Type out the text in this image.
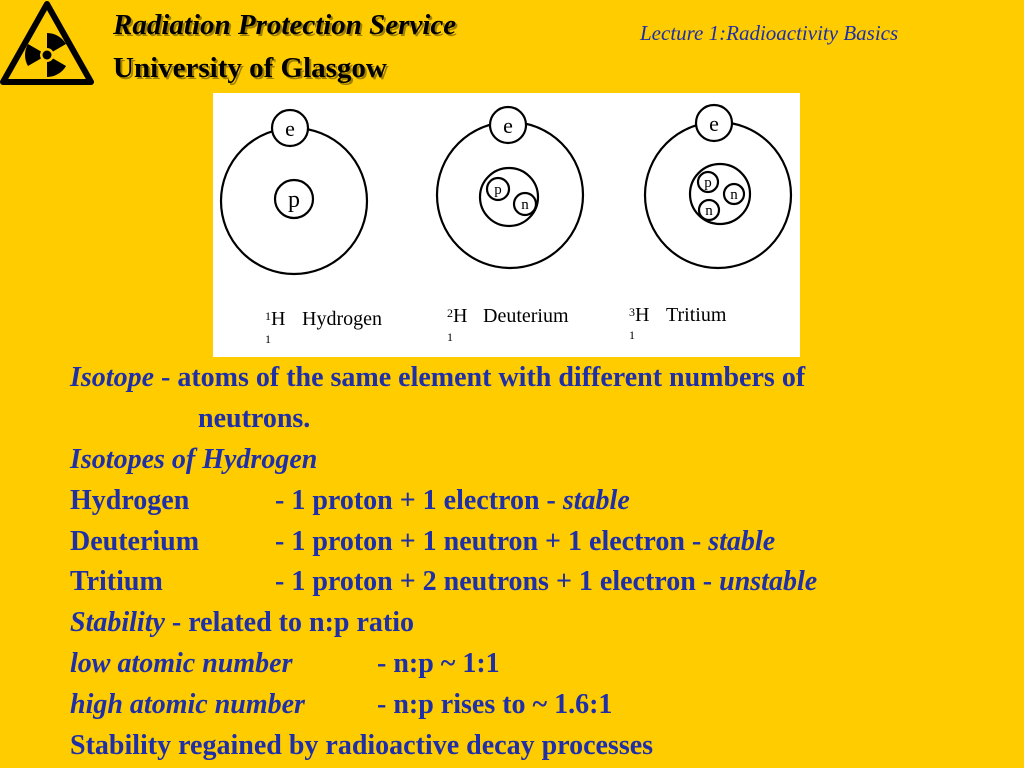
Radiation Protection Service
University of Glasgow
Lecture 1:Radioactivity Basics
e
p
e
p
n
e
p
n
n
1 H Hydrogen
1
2 H Deuterium
1
3 H Tritium
1
Isotope - atoms of the same element with different numbers of
neutrons.
Isotopes of Hydrogen
Hydrogen	- 1 proton + 1 electron - stable
Deuterium	- 1 proton + 1 neutron + 1 electron - stable
Tritium	- 1 proton + 2 neutrons + 1 electron - unstable
Stability - related to n:p ratio
low atomic number	- n:p ~ 1:1
high atomic number	- n:p rises to ~ 1.6:1
Stability regained by radioactive decay processes
